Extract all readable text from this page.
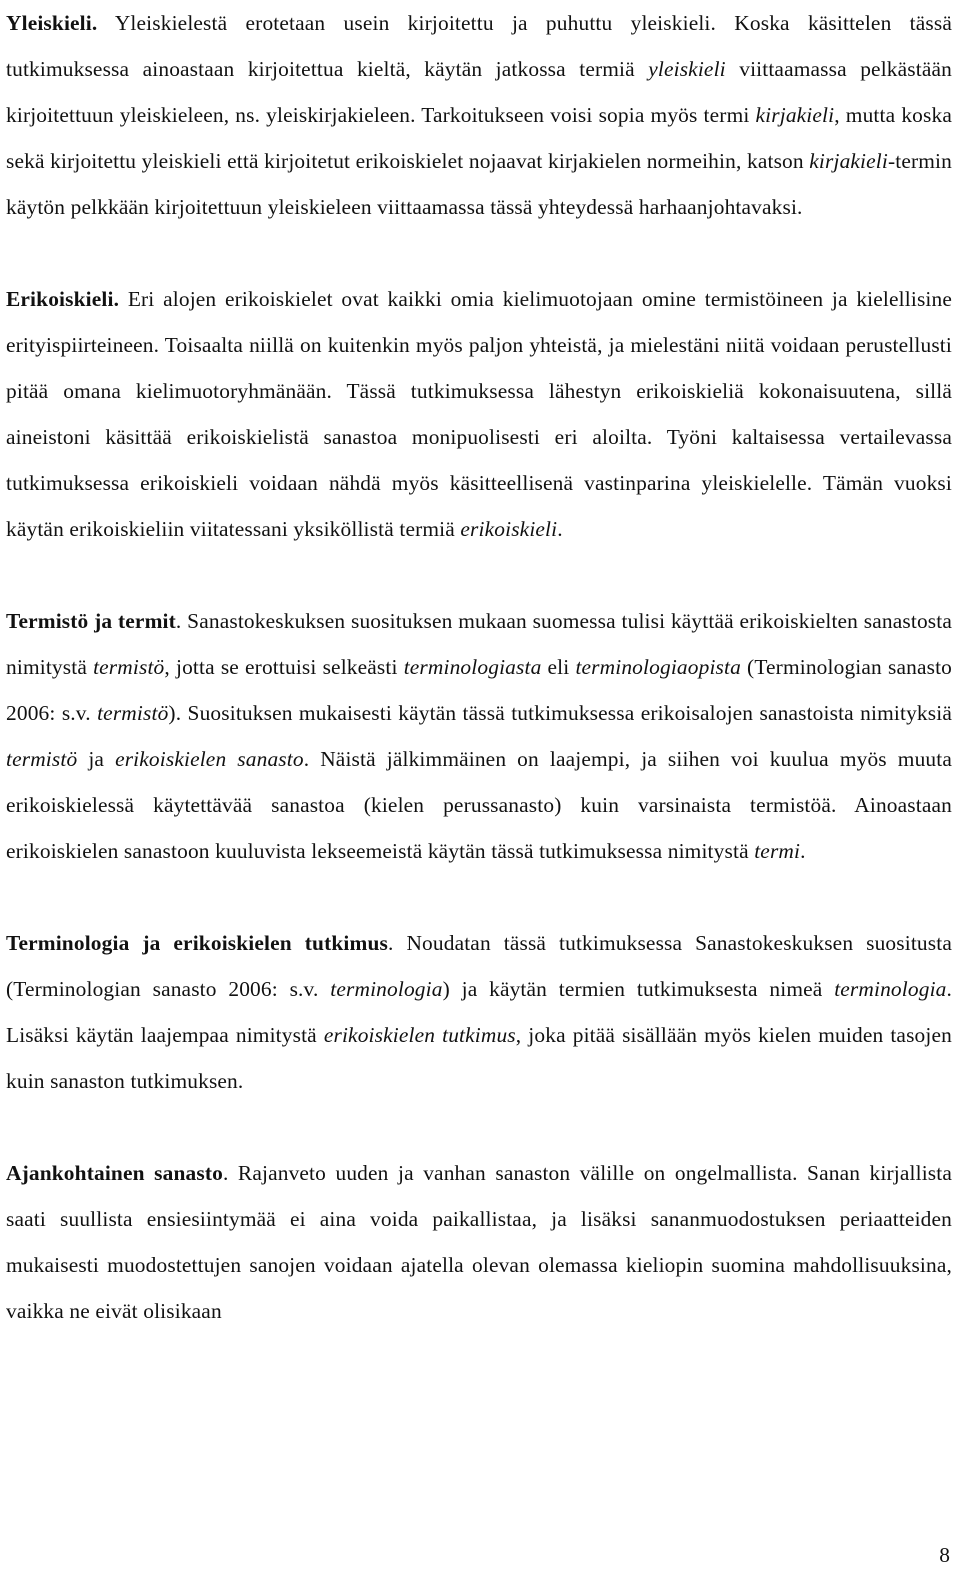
Yleiskieli. Yleiskielestä erotetaan usein kirjoitettu ja puhuttu yleiskieli. Koska käsittelen tässä tutkimuksessa ainoastaan kirjoitettua kieltä, käytän jatkossa termiä yleiskieli viittaamassa pelkästään kirjoitettuun yleiskieleen, ns. yleiskirjakieleen. Tarkoitukseen voisi sopia myös termi kirjakieli, mutta koska sekä kirjoitettu yleiskieli että kirjoitetut erikoiskielet nojaavat kirjakielen normeihin, katson kirjakieli-termin käytön pelkkään kirjoitettuun yleiskieleen viittaamassa tässä yhteydessä harhaanjohtavaksi.

Erikoiskieli. Eri alojen erikoiskielet ovat kaikki omia kielimuotojaan omine termistöineen ja kielellisine erityispiirteineen. Toisaalta niillä on kuitenkin myös paljon yhteistä, ja mielestäni niitä voidaan perustellusti pitää omana kielimuotoryhmänään. Tässä tutkimuksessa lähestyn erikoiskieliä kokonaisuutena, sillä aineistoni käsittää erikoiskielistä sanastoa monipuolisesti eri aloilta. Työni kaltaisessa vertailevassa tutkimuksessa erikoiskieli voidaan nähdä myös käsitteellisenä vastinparina yleiskielelle. Tämän vuoksi käytän erikoiskieliin viitatessani yksiköllistä termiä erikoiskieli.

Termistö ja termit. Sanastokeskuksen suosituksen mukaan suomessa tulisi käyttää erikoiskielten sanastosta nimitystä termistö, jotta se erottuisi selkeästi terminologiasta eli terminologiaopista (Terminologian sanasto 2006: s.v. termistö). Suosituksen mukaisesti käytän tässä tutkimuksessa erikoisalojen sanastoista nimityksiä termistö ja erikoiskielen sanasto. Näistä jälkimmäinen on laajempi, ja siihen voi kuulua myös muuta erikoiskielessä käytettävää sanastoa (kielen perussanasto) kuin varsinaista termistöä. Ainoastaan erikoiskielen sanastoon kuuluvista lekseemeistä käytän tässä tutkimuksessa nimitystä termi.

Terminologia ja erikoiskielen tutkimus. Noudatan tässä tutkimuksessa Sanastokeskuksen suositusta (Terminologian sanasto 2006: s.v. terminologia) ja käytän termien tutkimuksesta nimeä terminologia. Lisäksi käytän laajempaa nimitystä erikoiskielen tutkimus, joka pitää sisällään myös kielen muiden tasojen kuin sanaston tutkimuksen.

Ajankohtainen sanasto. Rajanveto uuden ja vanhan sanaston välille on ongelmallista. Sanan kirjallista saati suullista ensiesiintymää ei aina voida paikallistaa, ja lisäksi sananmuodostuksen periaatteiden mukaisesti muodostettujen sanojen voidaan ajatella olevan olemassa kieliopin suomina mahdollisuuksina, vaikka ne eivät olisikaan

8
